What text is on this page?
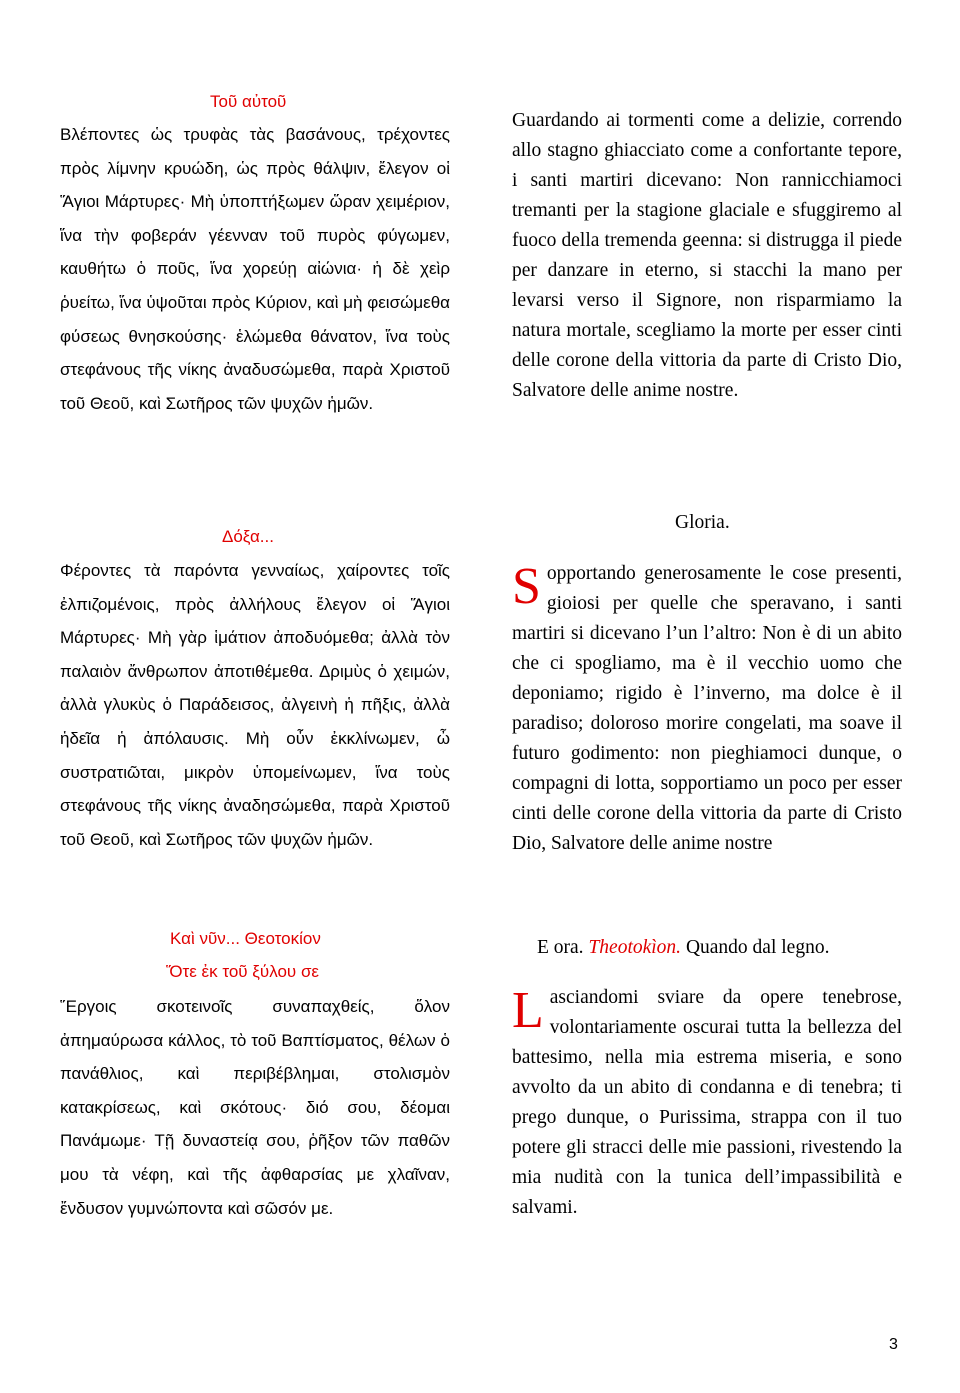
Τοῦ αὐτοῦ
Βλέποντες ὡς τρυφὰς τὰς βασάνους, τρέχοντες πρὸς λίμνην κρυώδη, ὡς πρὸς θάλψιν, ἔλεγον οἱ Ἅγιοι Μάρτυρες· Μὴ ὑποπτήξωμεν ὥραν χειμέριον, ἵνα τὴν φοβεράν γέενναν τοῦ πυρὸς φύγωμεν, καυθήτω ὁ ποῦς, ἵνα χορεύῃ αἰώνια· ἡ δὲ χεὶρ ῥυείτω, ἵνα ὑψοῦται πρὸς Κύριον, καὶ μὴ φεισώμεθα φύσεως θνησκούσης· ἑλώμεθα θάνατον, ἵνα τοὺς στεφάνους τῆς νίκης ἀναδυσώμεθα, παρὰ Χριστοῦ τοῦ Θεοῦ, καὶ Σωτῆρος τῶν ψυχῶν ἡμῶν.
Δόξα...
Φέροντες τὰ παρόντα γενναίως, χαίροντες τοῖς ἐλπιζομένοις, πρὸς ἀλλήλους ἔλεγον οἱ Ἅγιοι Μάρτυρες· Μὴ γὰρ ἱμάτιον ἀποδυόμεθα; ἀλλὰ τὸν παλαιὸν ἄνθρωπον ἀποτιθέμεθα. Δριμὺς ὁ χειμών, ἀλλὰ γλυκὺς ὁ Παράδεισος, ἀλγεινὴ ἡ πῆξις, ἀλλὰ ἡδεῖα ἡ ἀπόλαυσις. Μὴ οὖν ἐκκλίνωμεν, ὦ συστρατιῶται, μικρὸν ὑπομείνωμεν, ἵνα τοὺς στεφάνους τῆς νίκης ἀναδησώμεθα, παρὰ Χριστοῦ τοῦ Θεοῦ, καὶ Σωτῆρος τῶν ψυχῶν ἡμῶν.
Καὶ νῦν... Θεοτοκίον
Ὅτε ἐκ τοῦ ξύλου σε
῞Εργοις σκοτεινοῖς συναπαχθείς, ὅλον ἀπημαύρωσα κάλλος, τὸ τοῦ Βαπτίσματος, θέλων ὁ πανάθλιος, καὶ περιβέβλημαι, στολισμὸν κατακρίσεως, καὶ σκότους· διό σου, δέομαι Πανάμωμε· Τῇ δυναστείᾳ σου, ῥῆξον τῶν παθῶν μου τὰ νέφη, καὶ τῆς ἀφθαρσίας με χλαῖναν, ἔνδυσον γυμνώποντα καὶ σῶσόν με.
Guardando ai tormenti come a delizie, correndo allo stagno ghiacciato come a confortante tepore, i santi martiri dicevano: Non rannicchiamoci tremanti per la stagione glaciale e sfuggiremo al fuoco della tremenda geenna: si distrugga il piede per danzare in eterno, si stacchi la mano per levarsi verso il Signore, non risparmiamo la natura mortale, scegliamo la morte per esser cinti delle corone della vittoria da parte di Cristo Dio, Salvatore delle anime nostre.
Gloria.
Sopportando generosamente le cose presenti, gioiosi per quelle che speravano, i santi martiri si dicevano l’un l’altro: Non è di un abito che ci spogliamo, ma è il vecchio uomo che deponiamo; rigido è l’inverno, ma dolce è il paradiso; doloroso morire congelati, ma soave il futuro godimento: non pieghiamoci dunque, o compagni di lotta, sopportiamo un poco per esser cinti delle corone della vittoria da parte di Cristo Dio, Salvatore delle anime nostre
E ora. Theotokìon. Quando dal legno.
Lasciandomi sviare da opere tenebrose, volontariamente oscurai tutta la bellezza del battesimo, nella mia estrema miseria, e sono avvolto da un abito di condanna e di tenebra; ti prego dunque, o Purissima, strappa con il tuo potere gli stracci delle mie passioni, rivestendo la mia nudità con la tunica dell’impassibilità e salvami.
3
